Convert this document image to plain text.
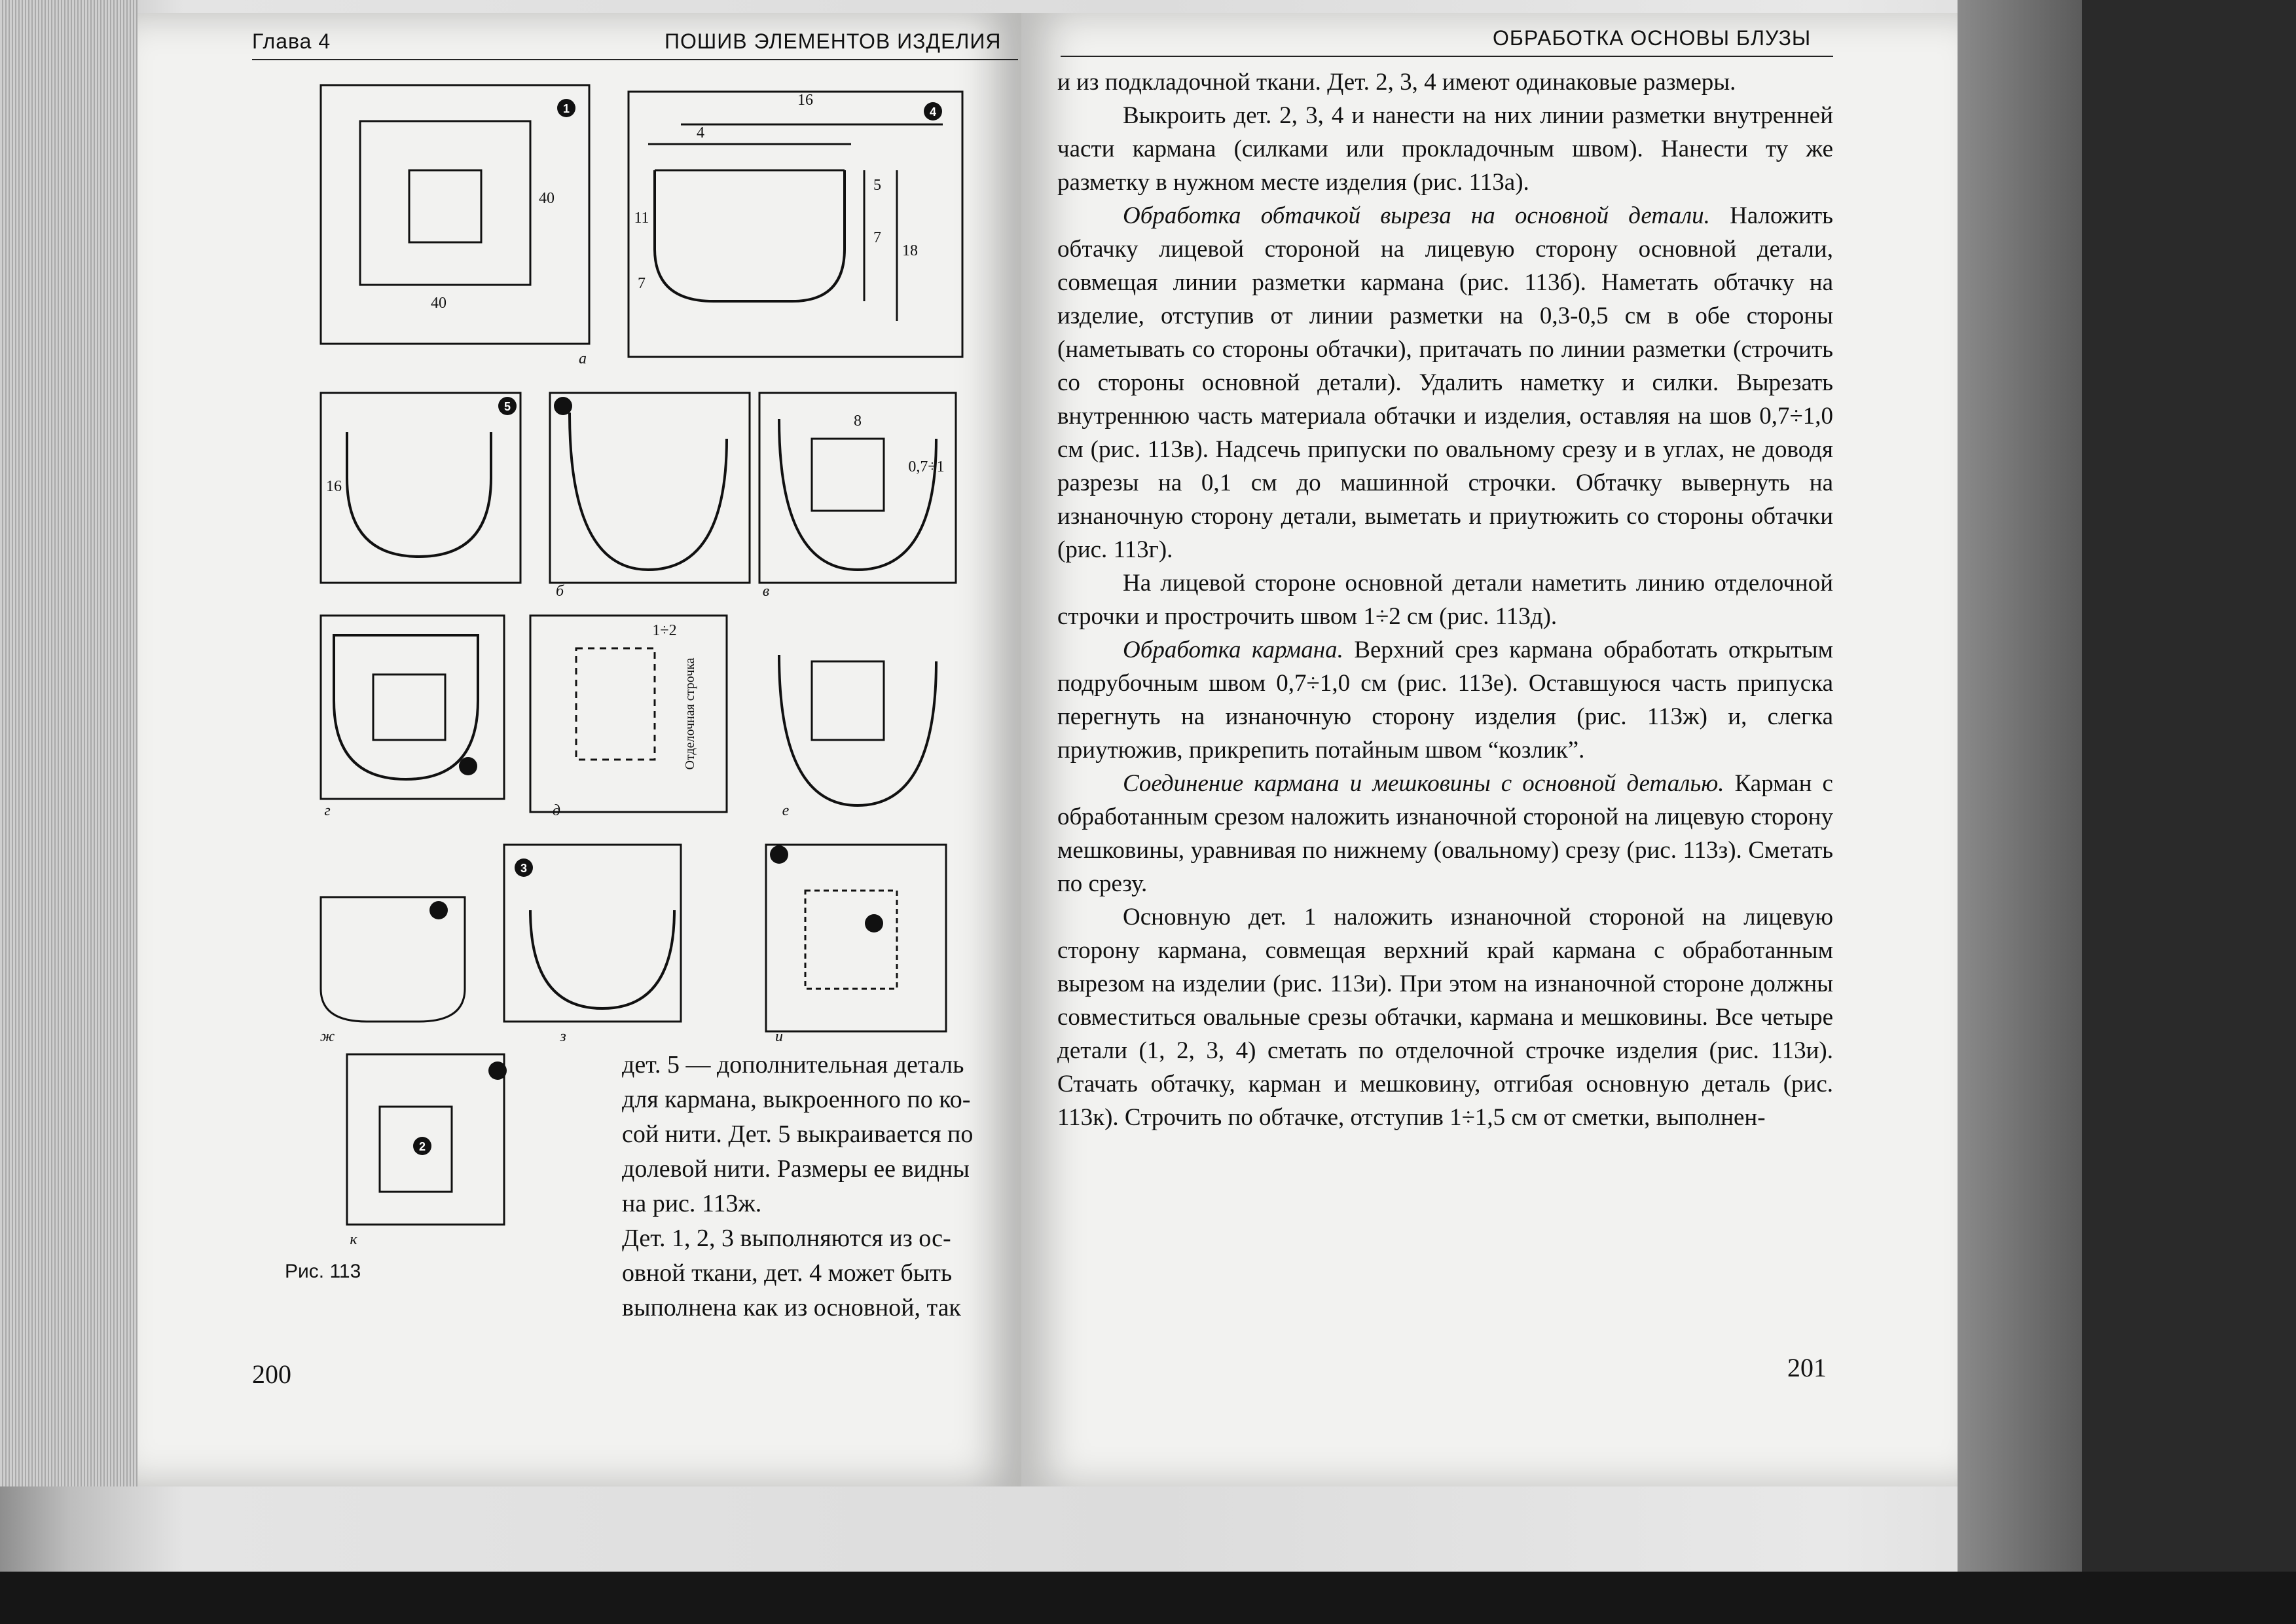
Глава 4	ПОШИВ ЭЛЕМЕНТОВ ИЗДЕЛИЯ
16
40
40
4
11
7
5
7
18
16
8
0,7÷1
1÷2
Отделочная строчка
1
2
3
4
5
а
б	в
г	д	е
ж	з	и
к
Рис. 113
дет. 5 — дополнительная деталь
для кармана, выкроенного по ко-
сой нити. Дет. 5 выкраивается по
долевой нити. Размеры ее видны
на рис. 113ж.
Дет. 1, 2, 3 выполняются из ос-
овной ткани, дет. 4 может быть
выполнена как из основной, так
200
ОБРАБОТКА ОСНОВЫ БЛУЗЫ

и из подкладочной ткани. Дет. 2, 3, 4 имеют одинаковые размеры.

Выкроить дет. 2, 3, 4 и нанести на них линии разметки внутренней части кармана (силками или прокладочным швом). Нанести ту же разметку в нужном месте изделия (рис. 113а).

Обработка обтачкой выреза на основной детали. Наложить обтачку лицевой стороной на лицевую сторону основной детали, совмещая линии разметки кармана (рис. 113б). Наметать обтачку на изделие, отступив от линии разметки на 0,3-0,5 см в обе стороны (наметывать со стороны обтачки), притачать по линии разметки (строчить со стороны основной детали). Удалить наметку и силки. Вырезать внутреннюю часть материала обтачки и изделия, оставляя на шов 0,7÷1,0 см (рис. 113в). Надсечь припуски по овальному срезу и в углах, не доводя разрезы на 0,1 см до машинной строчки. Обтачку вывернуть на изнаночную сторону детали, выметать и приутюжить со стороны обтачки (рис. 113г).

На лицевой стороне основной детали наметить линию отделочной строчки и прострочить швом 1÷2 см (рис. 113д).

Обработка кармана. Верхний срез кармана обработать открытым подрубочным швом 0,7÷1,0 см (рис. 113е). Оставшуюся часть припуска перегнуть на изнаночную сторону изделия (рис. 113ж) и, слегка приутюжив, прикрепить потайным швом “козлик”.

Соединение кармана и мешковины с основной деталью. Карман с обработанным срезом наложить изнаночной стороной на лицевую сторону мешковины, уравнивая по нижнему (овальному) срезу (рис. 113з). Сметать по срезу.

Основную дет. 1 наложить изнаночной стороной на лицевую сторону кармана, совмещая верхний край кармана с обработанным вырезом на изделии (рис. 113и). При этом на изнаночной стороне должны совместиться овальные срезы обтачки, кармана и мешковины. Все четыре детали (1, 2, 3, 4) сметать по отделочной строчке изделия (рис. 113и). Стачать обтачку, карман и мешковину, отгибая основную деталь (рис. 113к). Строчить по обтачке, отступив 1÷1,5 см от сметки, выполнен-

201
